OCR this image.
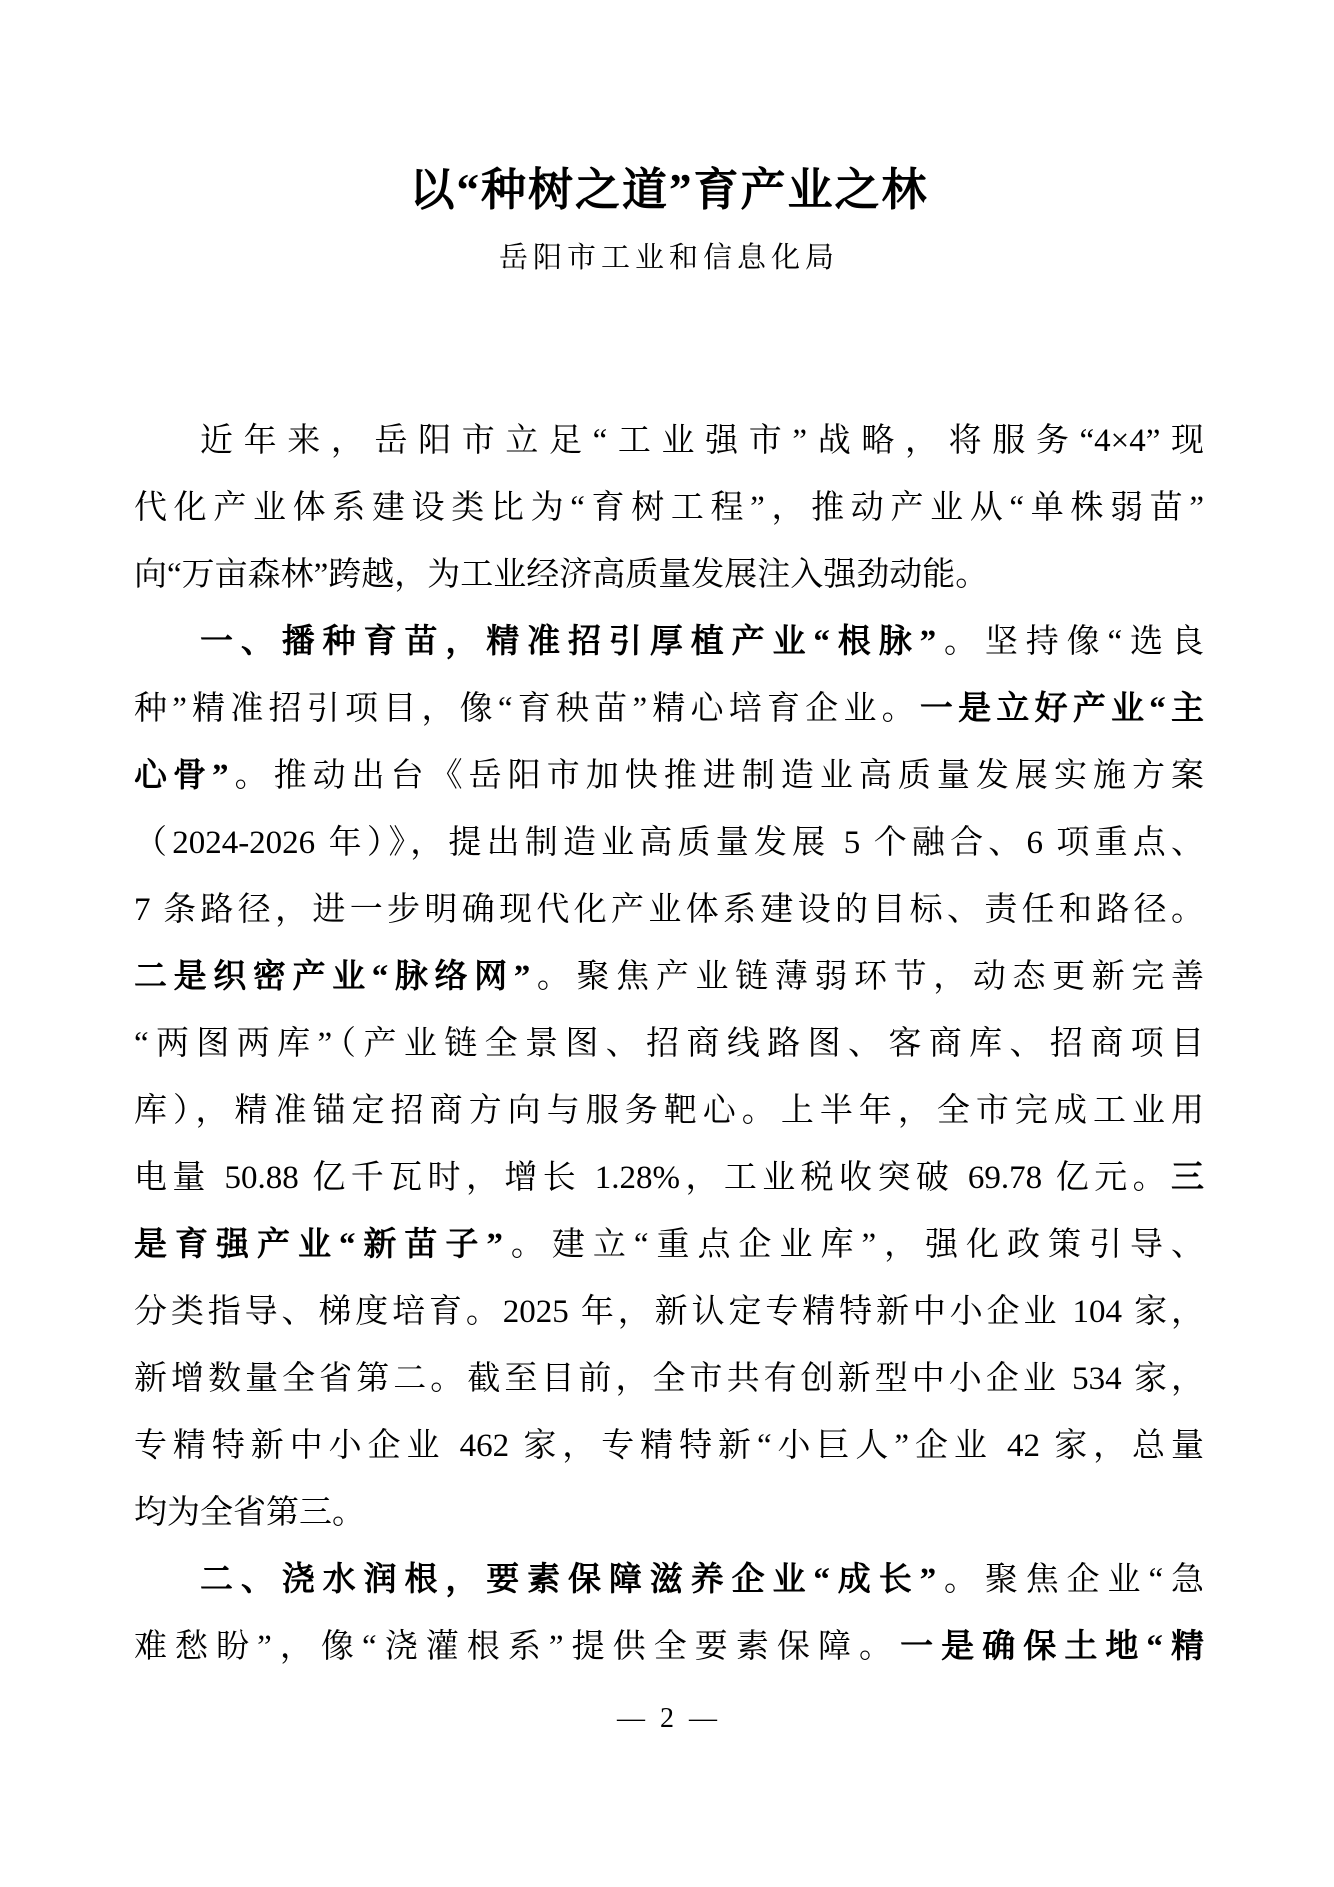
以“种树之道”育产业之林
岳阳市工业和信息化局
近年来，岳阳市立足“工业强市”战略，将服务“4×4”现
代化产业体系建设类比为“育树工程”，推动产业从“单株弱苗”
向“万亩森林”跨越，为工业经济高质量发展注入强劲动能。
一、播种育苗，精准招引厚植产业“根脉”。坚持像“选良
种”精准招引项目，像“育秧苗”精心培育企业。一是立好产业“主
心骨”。推动出台《岳阳市加快推进制造业高质量发展实施方案
（2024-2026 年）》，提出制造业高质量发展 5 个融合、6 项重点、
7 条路径，进一步明确现代化产业体系建设的目标、责任和路径。
二是织密产业“脉络网”。聚焦产业链薄弱环节，动态更新完善
“两图两库”（产业链全景图、招商线路图、客商库、招商项目
库），精准锚定招商方向与服务靶心。上半年，全市完成工业用
电量 50.88 亿千瓦时，增长 1.28%，工业税收突破 69.78 亿元。三
是育强产业“新苗子”。建立“重点企业库”，强化政策引导、
分类指导、梯度培育。2025 年，新认定专精特新中小企业 104 家，
新增数量全省第二。截至目前，全市共有创新型中小企业 534 家，
专精特新中小企业 462 家，专精特新“小巨人”企业 42 家，总量
均为全省第三。
二、浇水润根，要素保障滋养企业“成长”。聚焦企业“急
难愁盼”，像“浇灌根系”提供全要素保障。一是确保土地“精
— 2 —
